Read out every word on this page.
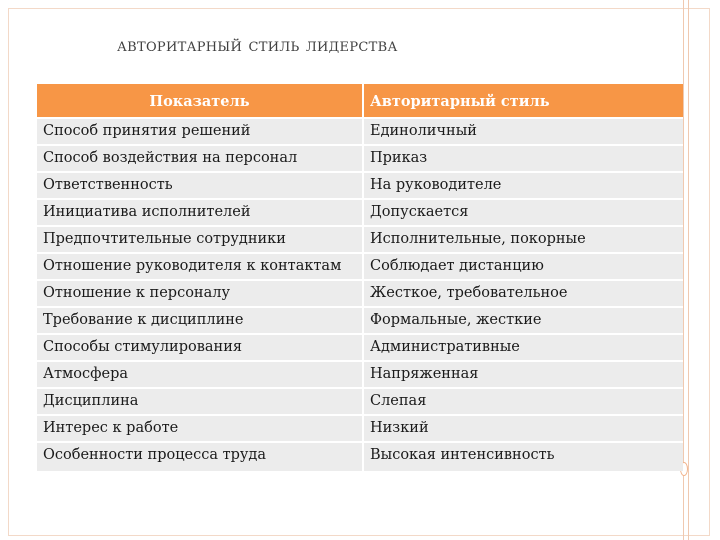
авторитарный стиль лидерства
Показатель	Авторитарный стиль
Способ принятия решений	Единоличный
Способ воздействия на персонал	Приказ
Ответственность	На руководителе
Инициатива исполнителей	Допускается
Предпочтительные сотрудники	Исполнительные, покорные
Отношение руководителя к контактам	Соблюдает дистанцию
Отношение к персоналу	Жесткое, требовательное
Требование к дисциплине	Формальные, жесткие
Способы стимулирования	Административные
Атмосфера	Напряженная
Дисциплина	Слепая
Интерес к работе	Низкий
Особенности процесса труда	Высокая интенсивность
